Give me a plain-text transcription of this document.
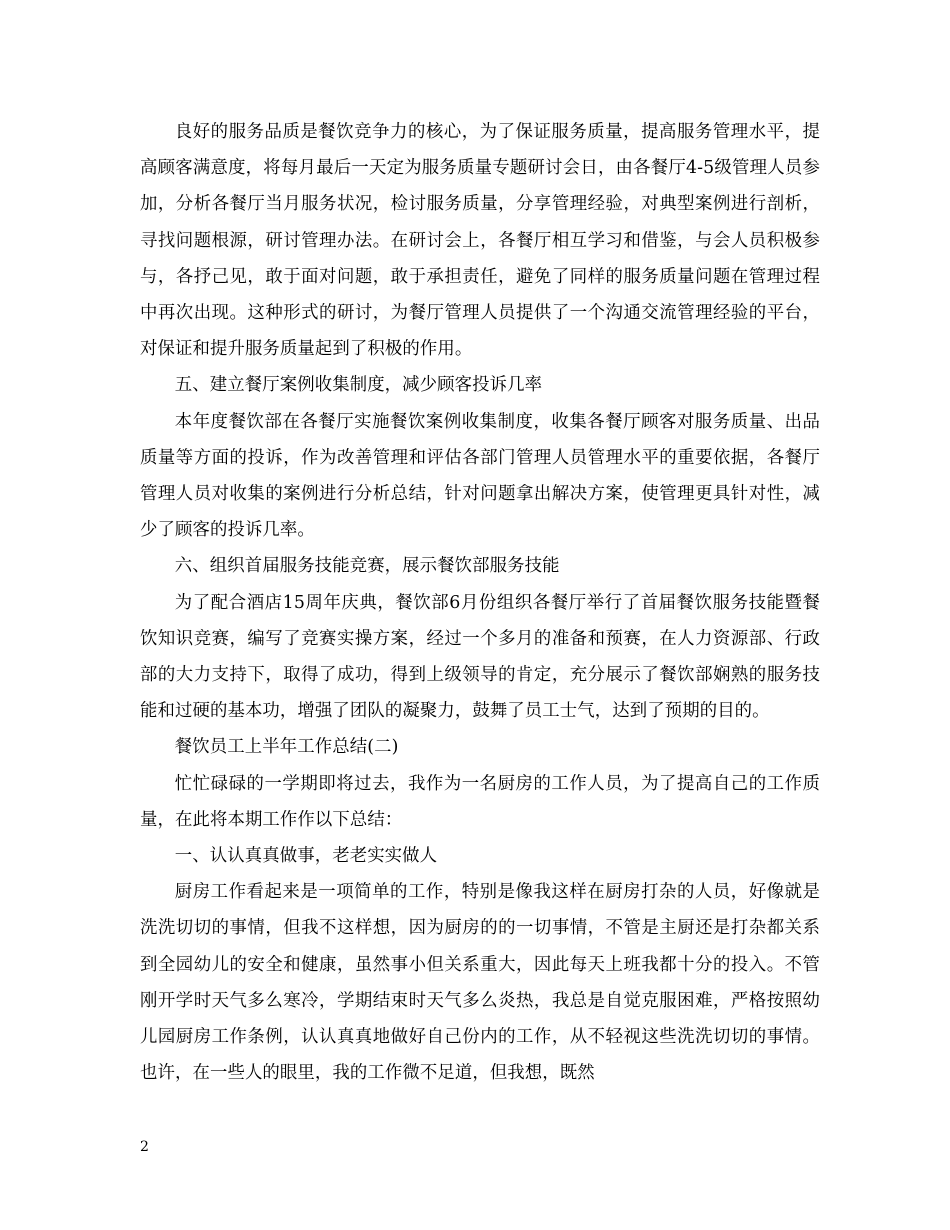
良好的服务品质是餐饮竞争力的核心，为了保证服务质量，提高服务管理水平，提高顾客满意度，将每月最后一天定为服务质量专题研讨会日，由各餐厅4-5级管理人员参加，分析各餐厅当月服务状况，检讨服务质量，分享管理经验，对典型案例进行剖析，寻找问题根源，研讨管理办法。在研讨会上，各餐厅相互学习和借鉴，与会人员积极参与，各抒己见，敢于面对问题，敢于承担责任，避免了同样的服务质量问题在管理过程中再次出现。这种形式的研讨，为餐厅管理人员提供了一个沟通交流管理经验的平台，对保证和提升服务质量起到了积极的作用。

五、建立餐厅案例收集制度，减少顾客投诉几率

本年度餐饮部在各餐厅实施餐饮案例收集制度，收集各餐厅顾客对服务质量、出品质量等方面的投诉，作为改善管理和评估各部门管理人员管理水平的重要依据，各餐厅管理人员对收集的案例进行分析总结，针对问题拿出解决方案，使管理更具针对性，减少了顾客的投诉几率。

六、组织首届服务技能竞赛，展示餐饮部服务技能

为了配合酒店15周年庆典，餐饮部6月份组织各餐厅举行了首届餐饮服务技能暨餐饮知识竞赛，编写了竞赛实操方案，经过一个多月的准备和预赛，在人力资源部、行政部的大力支持下，取得了成功，得到上级领导的肯定，充分展示了餐饮部娴熟的服务技能和过硬的基本功，增强了团队的凝聚力，鼓舞了员工士气，达到了预期的目的。

餐饮员工上半年工作总结(二)

忙忙碌碌的一学期即将过去，我作为一名厨房的工作人员，为了提高自己的工作质量，在此将本期工作作以下总结：

一、认认真真做事，老老实实做人

厨房工作看起来是一项简单的工作，特别是像我这样在厨房打杂的人员，好像就是洗洗切切的事情，但我不这样想，因为厨房的的一切事情，不管是主厨还是打杂都关系到全园幼儿的安全和健康，虽然事小但关系重大，因此每天上班我都十分的投入。不管刚开学时天气多么寒冷，学期结束时天气多么炎热，我总是自觉克服困难，严格按照幼儿园厨房工作条例，认认真真地做好自己份内的工作，从不轻视这些洗洗切切的事情。也许，在一些人的眼里，我的工作微不足道，但我想，既然

2
